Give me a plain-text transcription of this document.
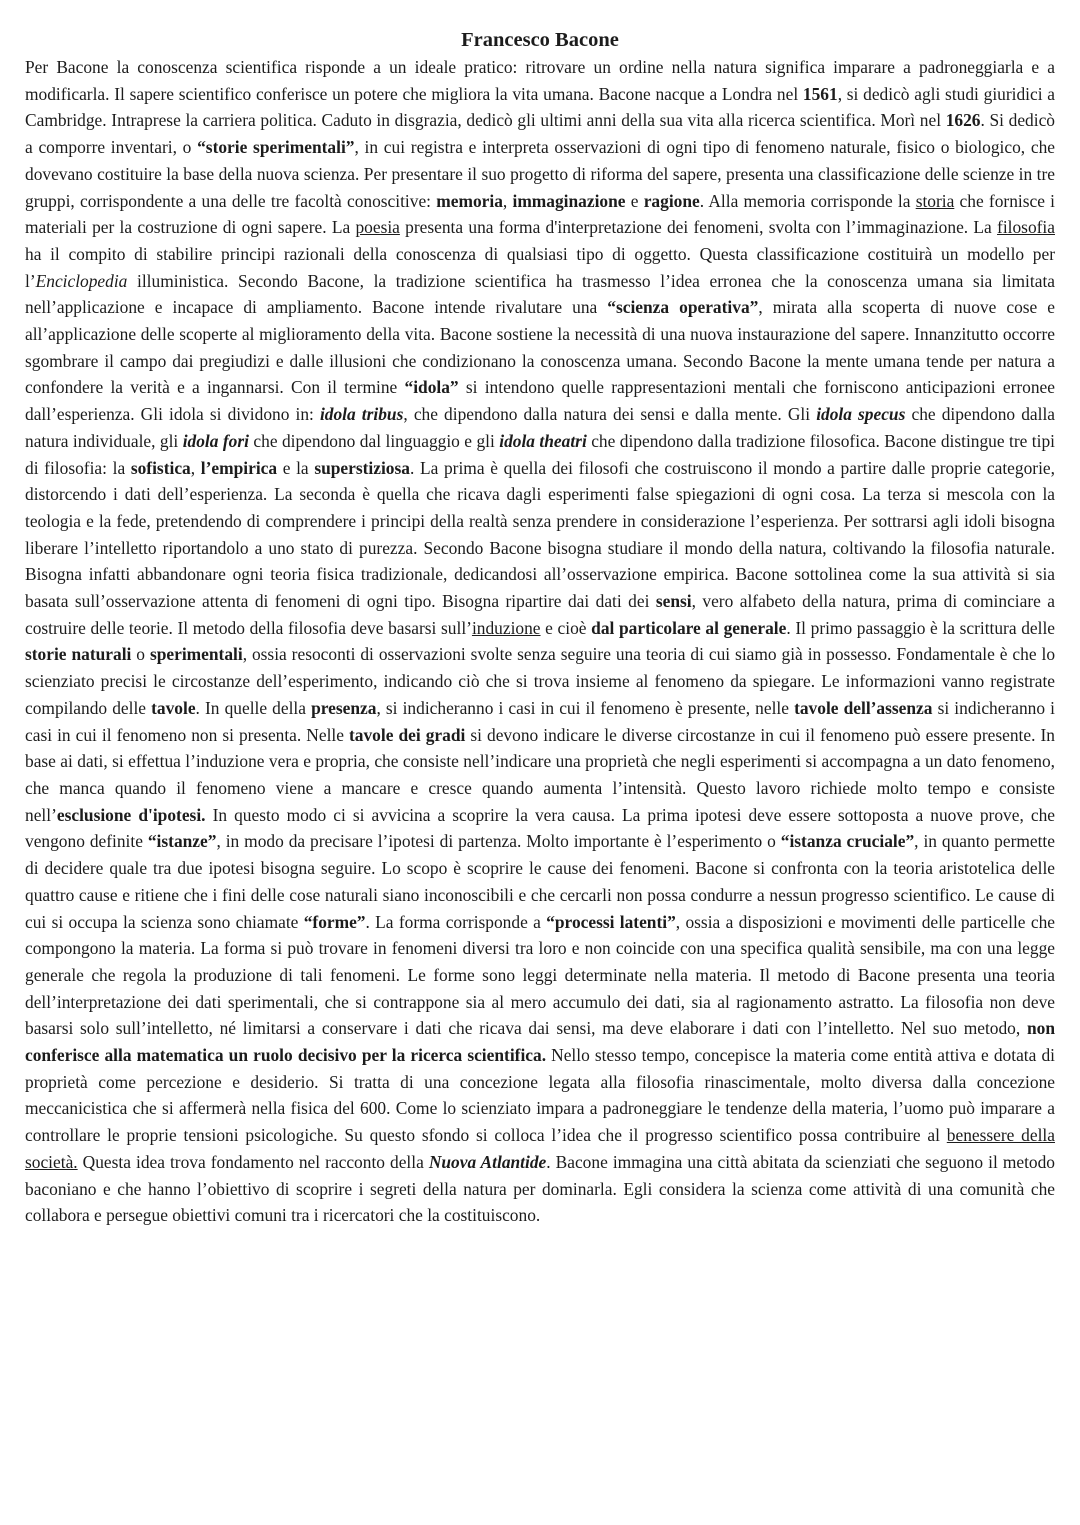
Francesco Bacone

Per Bacone la conoscenza scientifica risponde a un ideale pratico: ritrovare un ordine nella natura significa imparare a padroneggiarla e a modificarla. Il sapere scientifico conferisce un potere che migliora la vita umana. Bacone nacque a Londra nel 1561, si dedicò agli studi giuridici a Cambridge. Intraprese la carriera politica. Caduto in disgrazia, dedicò gli ultimi anni della sua vita alla ricerca scientifica. Morì nel 1626. Si dedicò a comporre inventari, o “storie sperimentali”, in cui registra e interpreta osservazioni di ogni tipo di fenomeno naturale, fisico o biologico, che dovevano costituire la base della nuova scienza. Per presentare il suo progetto di riforma del sapere, presenta una classificazione delle scienze in tre gruppi, corrispondente a una delle tre facoltà conoscitive: memoria, immaginazione e ragione. Alla memoria corrisponde la storia che fornisce i materiali per la costruzione di ogni sapere. La poesia presenta una forma d'interpretazione dei fenomeni, svolta con l’immaginazione. La filosofia ha il compito di stabilire principi razionali della conoscenza di qualsiasi tipo di oggetto. Questa classificazione costituirà un modello per l’Enciclopedia illuministica. Secondo Bacone, la tradizione scientifica ha trasmesso l’idea erronea che la conoscenza umana sia limitata nell’applicazione e incapace di ampliamento. Bacone intende rivalutare una “scienza operativa”, mirata alla scoperta di nuove cose e all’applicazione delle scoperte al miglioramento della vita. Bacone sostiene la necessità di una nuova instaurazione del sapere. Innanzitutto occorre sgombrare il campo dai pregiudizi e dalle illusioni che condizionano la conoscenza umana. Secondo Bacone la mente umana tende per natura a confondere la verità e a ingannarsi. Con il termine “idola” si intendono quelle rappresentazioni mentali che forniscono anticipazioni erronee dall’esperienza. Gli idola si dividono in: idola tribus, che dipendono dalla natura dei sensi e dalla mente. Gli idola specus che dipendono dalla natura individuale, gli idola fori che dipendono dal linguaggio e gli idola theatri che dipendono dalla tradizione filosofica. Bacone distingue tre tipi di filosofia: la sofistica, l’empirica e la superstiziosa. La prima è quella dei filosofi che costruiscono il mondo a partire dalle proprie categorie, distorcendo i dati dell’esperienza. La seconda è quella che ricava dagli esperimenti false spiegazioni di ogni cosa. La terza si mescola con la teologia e la fede, pretendendo di comprendere i principi della realtà senza prendere in considerazione l’esperienza. Per sottrarsi agli idoli bisogna liberare l’intelletto riportandolo a uno stato di purezza. Secondo Bacone bisogna studiare il mondo della natura, coltivando la filosofia naturale. Bisogna infatti abbandonare ogni teoria fisica tradizionale, dedicandosi all’osservazione empirica. Bacone sottolinea come la sua attività si sia basata sull’osservazione attenta di fenomeni di ogni tipo. Bisogna ripartire dai dati dei sensi, vero alfabeto della natura, prima di cominciare a costruire delle teorie. Il metodo della filosofia deve basarsi sull’induzione e cioè dal particolare al generale. Il primo passaggio è la scrittura delle storie naturali o sperimentali, ossia resoconti di osservazioni svolte senza seguire una teoria di cui siamo già in possesso. Fondamentale è che lo scienziato precisi le circostanze dell’esperimento, indicando ciò che si trova insieme al fenomeno da spiegare. Le informazioni vanno registrate compilando delle tavole. In quelle della presenza, si indicheranno i casi in cui il fenomeno è presente, nelle tavole dell’assenza si indicheranno i casi in cui il fenomeno non si presenta. Nelle tavole dei gradi si devono indicare le diverse circostanze in cui il fenomeno può essere presente. In base ai dati, si effettua l’induzione vera e propria, che consiste nell’indicare una proprietà che negli esperimenti si accompagna a un dato fenomeno, che manca quando il fenomeno viene a mancare e cresce quando aumenta l’intensità. Questo lavoro richiede molto tempo e consiste nell’esclusione d'ipotesi. In questo modo ci si avvicina a scoprire la vera causa. La prima ipotesi deve essere sottoposta a nuove prove, che vengono definite “istanze”, in modo da precisare l’ipotesi di partenza. Molto importante è l’esperimento o “istanza cruciale”, in quanto permette di decidere quale tra due ipotesi bisogna seguire. Lo scopo è scoprire le cause dei fenomeni. Bacone si confronta con la teoria aristotelica delle quattro cause e ritiene che i fini delle cose naturali siano inconoscibili e che cercarli non possa condurre a nessun progresso scientifico. Le cause di cui si occupa la scienza sono chiamate “forme”. La forma corrisponde a “processi latenti”, ossia a disposizioni e movimenti delle particelle che compongono la materia. La forma si può trovare in fenomeni diversi tra loro e non coincide con una specifica qualità sensibile, ma con una legge generale che regola la produzione di tali fenomeni. Le forme sono leggi determinate nella materia. Il metodo di Bacone presenta una teoria dell’interpretazione dei dati sperimentali, che si contrappone sia al mero accumulo dei dati, sia al ragionamento astratto. La filosofia non deve basarsi solo sull’intelletto, né limitarsi a conservare i dati che ricava dai sensi, ma deve elaborare i dati con l’intelletto. Nel suo metodo, non conferisce alla matematica un ruolo decisivo per la ricerca scientifica. Nello stesso tempo, concepisce la materia come entità attiva e dotata di proprietà come percezione e desiderio. Si tratta di una concezione legata alla filosofia rinascimentale, molto diversa dalla concezione meccanicistica che si affermerà nella fisica del 600. Come lo scienziato impara a padroneggiare le tendenze della materia, l’uomo può imparare a controllare le proprie tensioni psicologiche. Su questo sfondo si colloca l’idea che il progresso scientifico possa contribuire al benessere della società. Questa idea trova fondamento nel racconto della Nuova Atlantide. Bacone immagina una città abitata da scienziati che seguono il metodo baconiano e che hanno l’obiettivo di scoprire i segreti della natura per dominarla. Egli considera la scienza come attività di una comunità che collabora e persegue obiettivi comuni tra i ricercatori che la costituiscono.
